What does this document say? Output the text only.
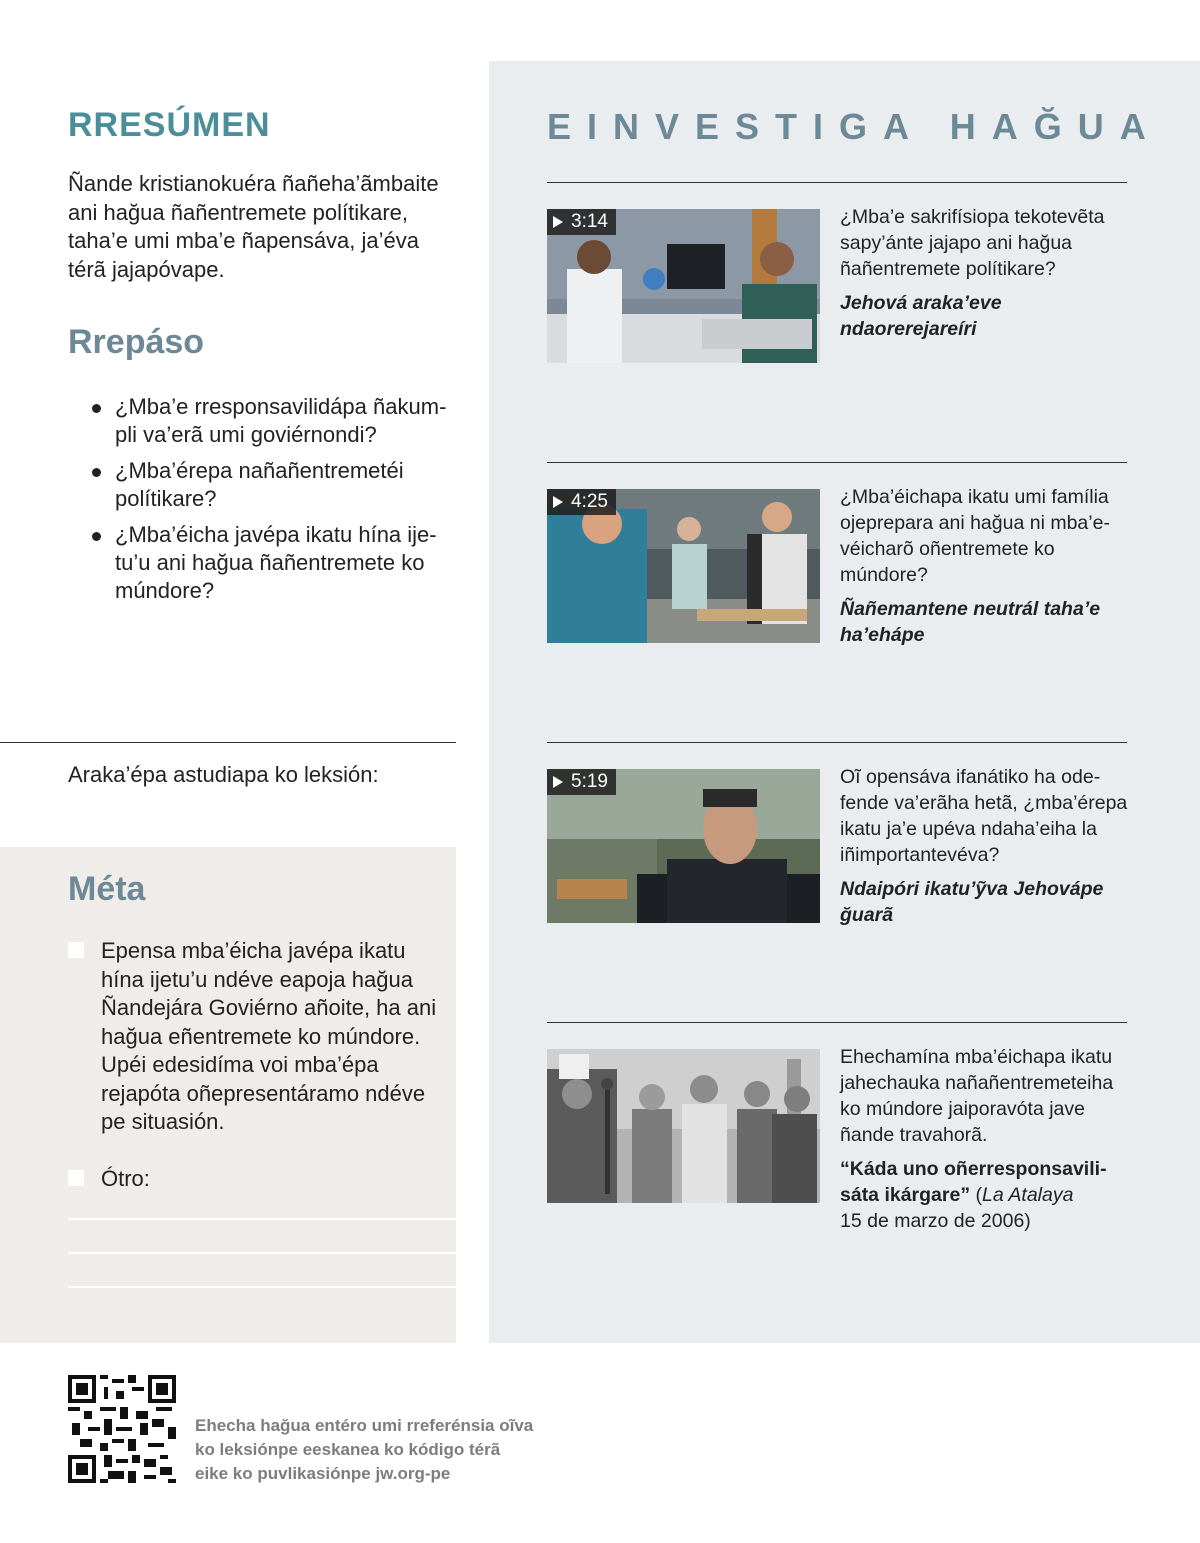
RRESÚMEN

Ñande kristianokuéra ñañeha’ãmbaite ani hağua ñañentremete polítikare, taha’e umi mba’e ñapensáva, ja’éva térã jajapóvape.

Rrepáso
¿Mba’e rresponsavilidápa ñakumpli va’erã umi goviérnondi?
¿Mba’érepa nañañentremetéi polítikare?
¿Mba’éicha javépa ikatu hína ijetu’u ani hağua ñañentremete ko múndore?

Araka’épa astudiapa ko leksión:

Méta
Epensa mba’éicha javépa ikatu hína ijetu’u ndéve eapoja hağua Ñandejára Goviérno añoite, ha ani hağua eñentremete ko múndore. Upéi edesidíma voi mba’épa rejapóta oñepresentáramo ndéve pe situasión.
Ótro:
EINVESTIGA HAĞUA
3:14	¿Mba’e sakrifísiopa tekotevẽta sapy’ánte jajapo ani hağua ñañentremete polítikare?

Jehová araka’eve ndaorerejareíri

4:25	¿Mba’éichapa ikatu umi família ojeprepara ani hağua ni mba’evéicharõ oñentremete ko múndore?

Ñañemantene neutrál taha’e ha’ehápe

5:19	Oĩ opensáva ifanátiko ha odefende va’erãha hetã, ¿mba’érepa ikatu ja’e upéva ndaha’eiha la iñimportantevéva?

Ndaipóri ikatu’ỹva Jehovápe ğuarã

Ehechamína mba’éichapa ikatu jahechauka nañañentremeteiha ko múndore jaiporavóta jave ñande travahorã.

“Káda uno oñerresponsavilisáta ikárgare” (La Atalaya
15 de marzo de 2006)

Ehecha hağua entéro umi rreferénsia oĩva ko leksiónpe eeskanea ko kódigo térã eike ko puvlikasiónpe jw.org-pe
